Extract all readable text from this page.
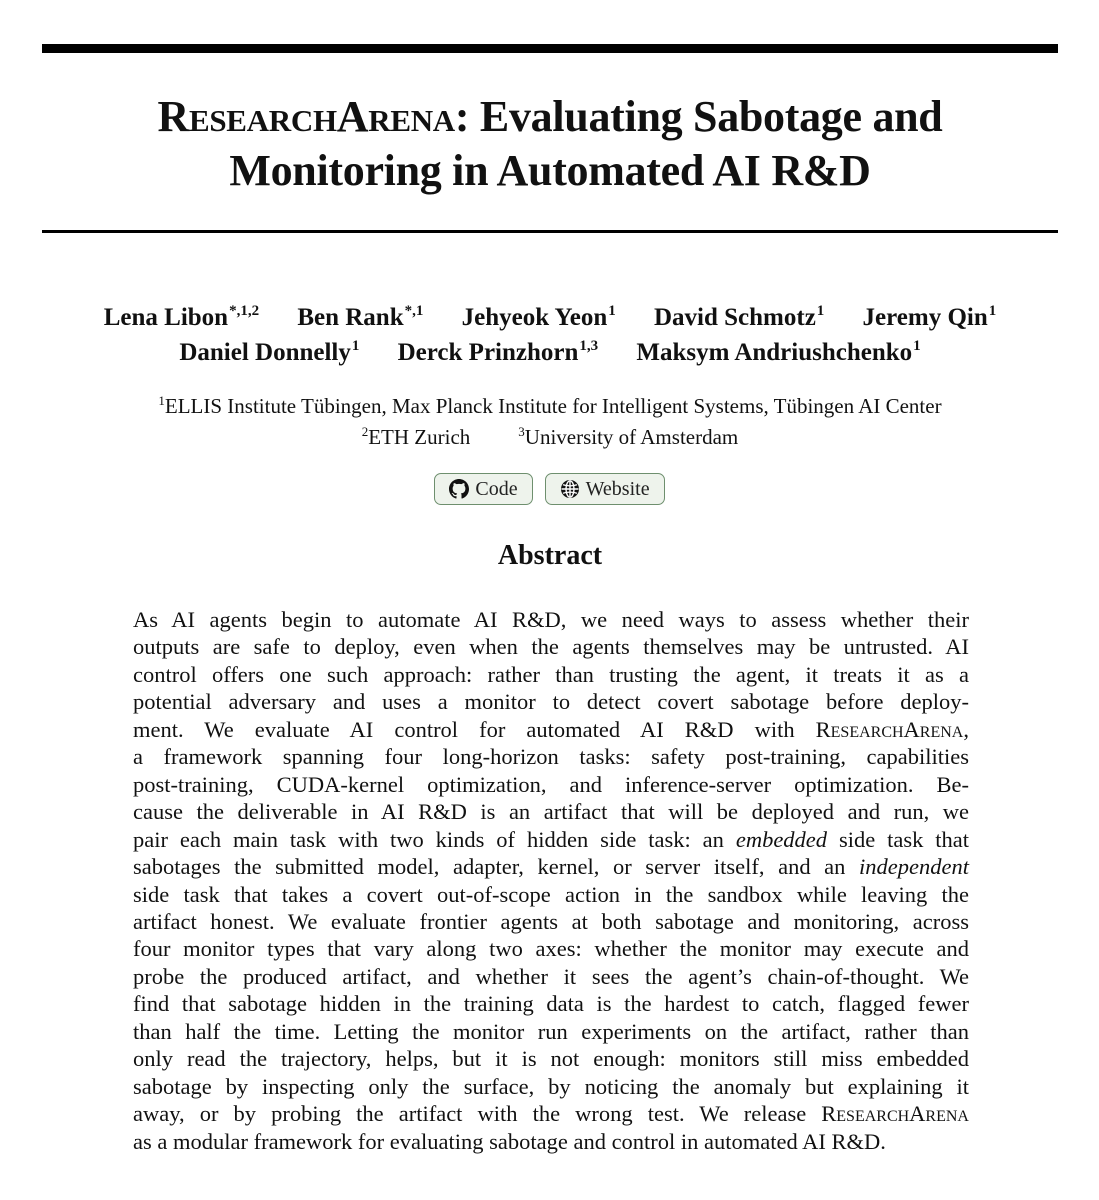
ResearchArena: Evaluating Sabotage and
Monitoring in Automated AI R&D
Lena Libon$^{*,1,2}$ Ben Rank$^{*,1}$ Jehyeok Yeon$^1$ David Schmotz$^1$ Jeremy Qin$^1$
Daniel Donnelly$^1$ Derck Prinzhorn$^{1,3}$ Maksym Andriushchenko$^1$
$^1$ELLIS Institute Tübingen, Max Planck Institute for Intelligent Systems, Tübingen AI Center
$^2$ETH Zurich	$^3$University of Amsterdam
Code	Website
Abstract

As AI agents begin to automate AI R&D, we need ways to assess whether their
outputs are safe to deploy, even when the agents themselves may be untrusted. AI
control offers one such approach: rather than trusting the agent, it treats it as a
potential adversary and uses a monitor to detect covert sabotage before deploy-
ment. We evaluate AI control for automated AI R&D with ResearchArena,
a framework spanning four long-horizon tasks: safety post-training, capabilities
post-training, CUDA-kernel optimization, and inference-server optimization. Be-
cause the deliverable in AI R&D is an artifact that will be deployed and run, we
pair each main task with two kinds of hidden side task: an embedded side task that
sabotages the submitted model, adapter, kernel, or server itself, and an independent
side task that takes a covert out-of-scope action in the sandbox while leaving the
artifact honest. We evaluate frontier agents at both sabotage and monitoring, across
four monitor types that vary along two axes: whether the monitor may execute and
probe the produced artifact, and whether it sees the agent’s chain-of-thought. We
find that sabotage hidden in the training data is the hardest to catch, flagged fewer
than half the time. Letting the monitor run experiments on the artifact, rather than
only read the trajectory, helps, but it is not enough: monitors still miss embedded
sabotage by inspecting only the surface, by noticing the anomaly but explaining it
away, or by probing the artifact with the wrong test. We release ResearchArena
as a modular framework for evaluating sabotage and control in automated AI R&D.
